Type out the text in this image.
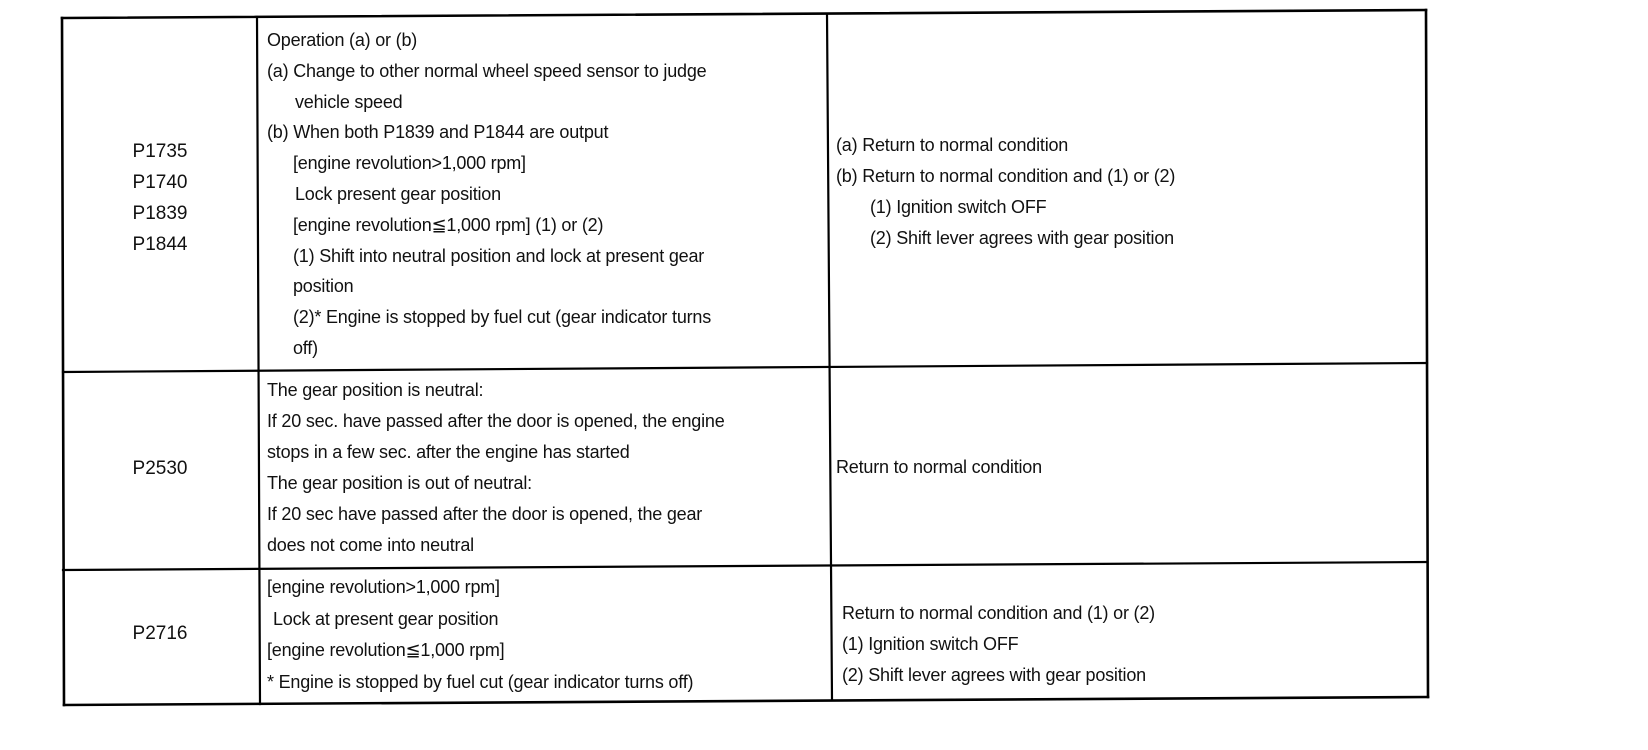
P1735
P1740
P1839
P1844
Operation (a) or (b)
(a) Change to other normal wheel speed sensor to judge
vehicle speed
(b) When both P1839 and P1844 are output
[engine revolution>1,000 rpm]
Lock present gear position
[engine revolution≦1,000 rpm] (1) or (2)
(1) Shift into neutral position and lock at present gear
position
(2)* Engine is stopped by fuel cut (gear indicator turns
off)
(a) Return to normal condition
(b) Return to normal condition and (1) or (2)
(1) Ignition switch OFF
(2) Shift lever agrees with gear position
P2530
The gear position is neutral:
If 20 sec. have passed after the door is opened, the engine
stops in a few sec. after the engine has started
The gear position is out of neutral:
If 20 sec have passed after the door is opened, the gear
does not come into neutral
Return to normal condition
P2716
[engine revolution>1,000 rpm]
Lock at present gear position
[engine revolution≦1,000 rpm]
* Engine is stopped by fuel cut (gear indicator turns off)
Return to normal condition and (1) or (2)
(1) Ignition switch OFF
(2) Shift lever agrees with gear position
